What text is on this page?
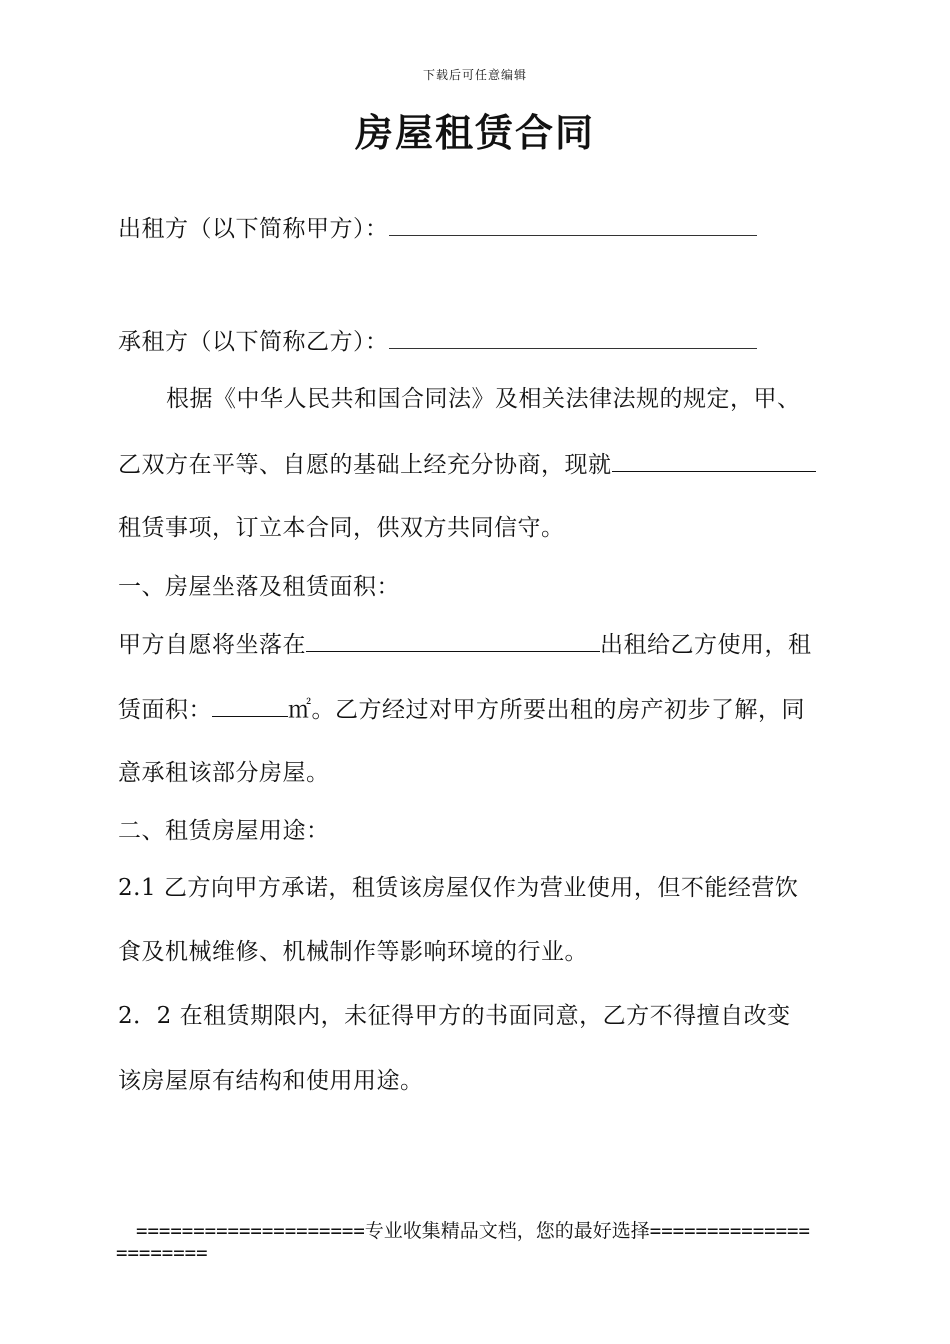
下载后可任意编辑
房屋租赁合同
出租方（以下简称甲方）：
承租方（以下简称乙方）：
根据《中华人民共和国合同法》及相关法律法规的规定，甲、
乙双方在平等、自愿的基础上经充分协商，现就
租赁事项，订立本合同，供双方共同信守。
一、房屋坐落及租赁面积：
甲方自愿将坐落在	出租给乙方使用，租
赁面积：	㎡。乙方经过对甲方所要出租的房产初步了解，同
意承租该部分房屋。
二、租赁房屋用途：
2.1 乙方向甲方承诺，租赁该房屋仅作为营业使用，但不能经营饮
食及机械维修、机械制作等影响环境的行业。
2．2 在租赁期限内，未征得甲方的书面同意，乙方不得擅自改变
该房屋原有结构和使用用途。
====================专业收集精品文档，您的最好选择==============
========
